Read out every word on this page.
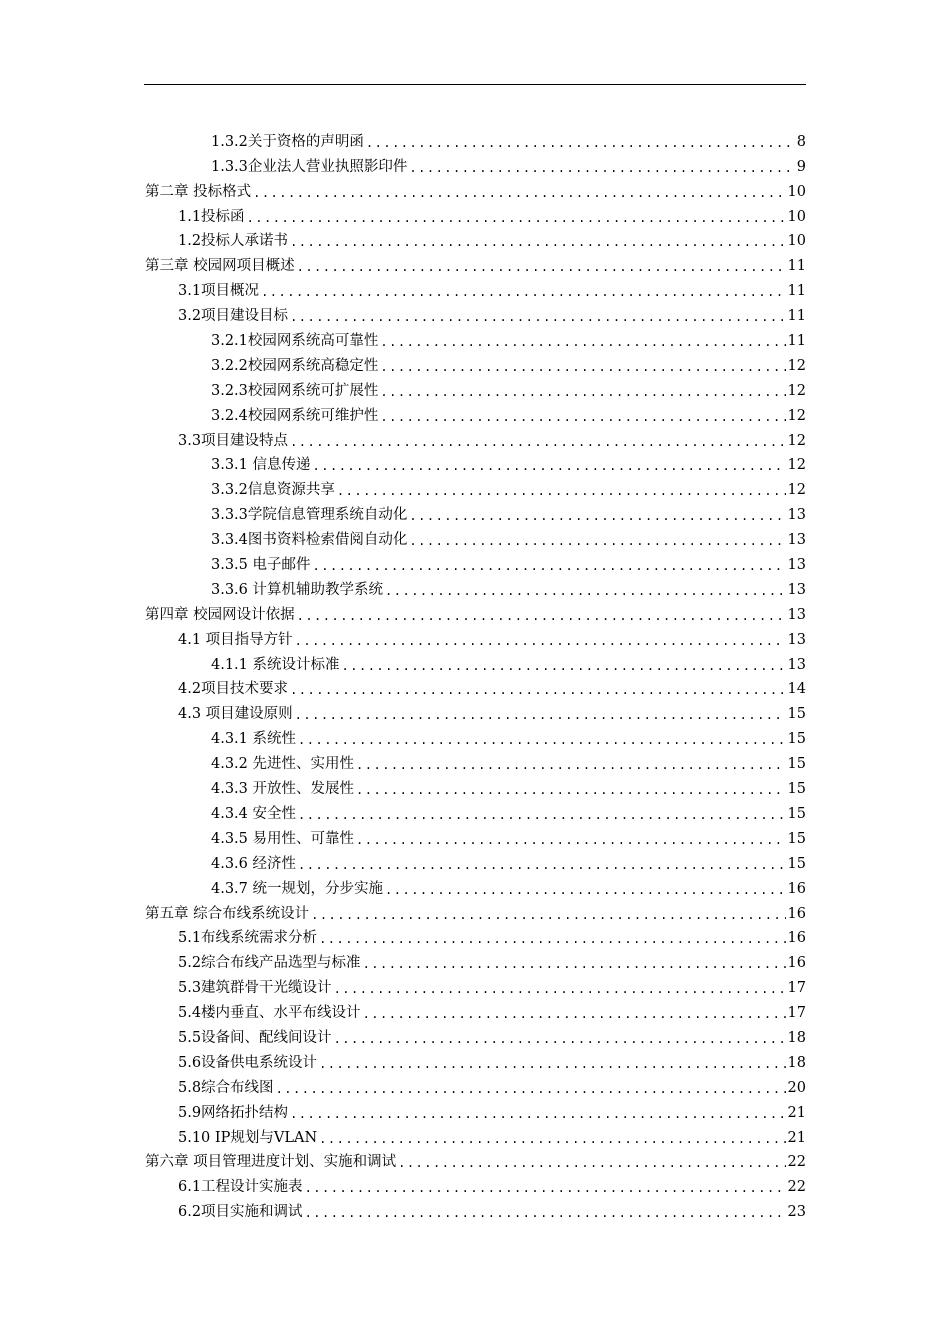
1.3.2关于资格的声明函 .....	8
1.3.3企业法人营业执照影印件 .....	9
第二章 投标格式 .....	10
1.1投标函 .....	10
1.2投标人承诺书 .....	10
第三章 校园网项目概述 .....	11
3.1项目概况 .....	11
3.2项目建设目标 .....	11
3.2.1校园网系统高可靠性 .....	11
3.2.2校园网系统高稳定性 .....	12
3.2.3校园网系统可扩展性 .....	12
3.2.4校园网系统可维护性 .....	12
3.3项目建设特点 .....	12
3.3.1 信息传递 .....	12
3.3.2信息资源共享 .....	12
3.3.3学院信息管理系统自动化 .....	13
3.3.4图书资料检索借阅自动化 .....	13
3.3.5 电子邮件 .....	13
3.3.6 计算机辅助教学系统 .....	13
第四章 校园网设计依据 .....	13
4.1 项目指导方针 .....	13
4.1.1 系统设计标准 .....	13
4.2项目技术要求 .....	14
4.3 项目建设原则 .....	15
4.3.1 系统性 .....	15
4.3.2 先进性、实用性 .....	15
4.3.3 开放性、发展性 .....	15
4.3.4 安全性 .....	15
4.3.5 易用性、可靠性 .....	15
4.3.6 经济性 .....	15
4.3.7 统一规划，分步实施 .....	16
第五章 综合布线系统设计 .....	16
5.1布线系统需求分析 .....	16
5.2综合布线产品选型与标准 .....	16
5.3建筑群骨干光缆设计 .....	17
5.4楼内垂直、水平布线设计 .....	17
5.5设备间、配线间设计 .....	18
5.6设备供电系统设计 .....	18
5.8综合布线图 .....	20
5.9网络拓扑结构 .....	21
5.10 IP规划与VLAN .....	21
第六章 项目管理进度计划、实施和调试 .....	22
6.1工程设计实施表 .....	22
6.2项目实施和调试 .....	23
